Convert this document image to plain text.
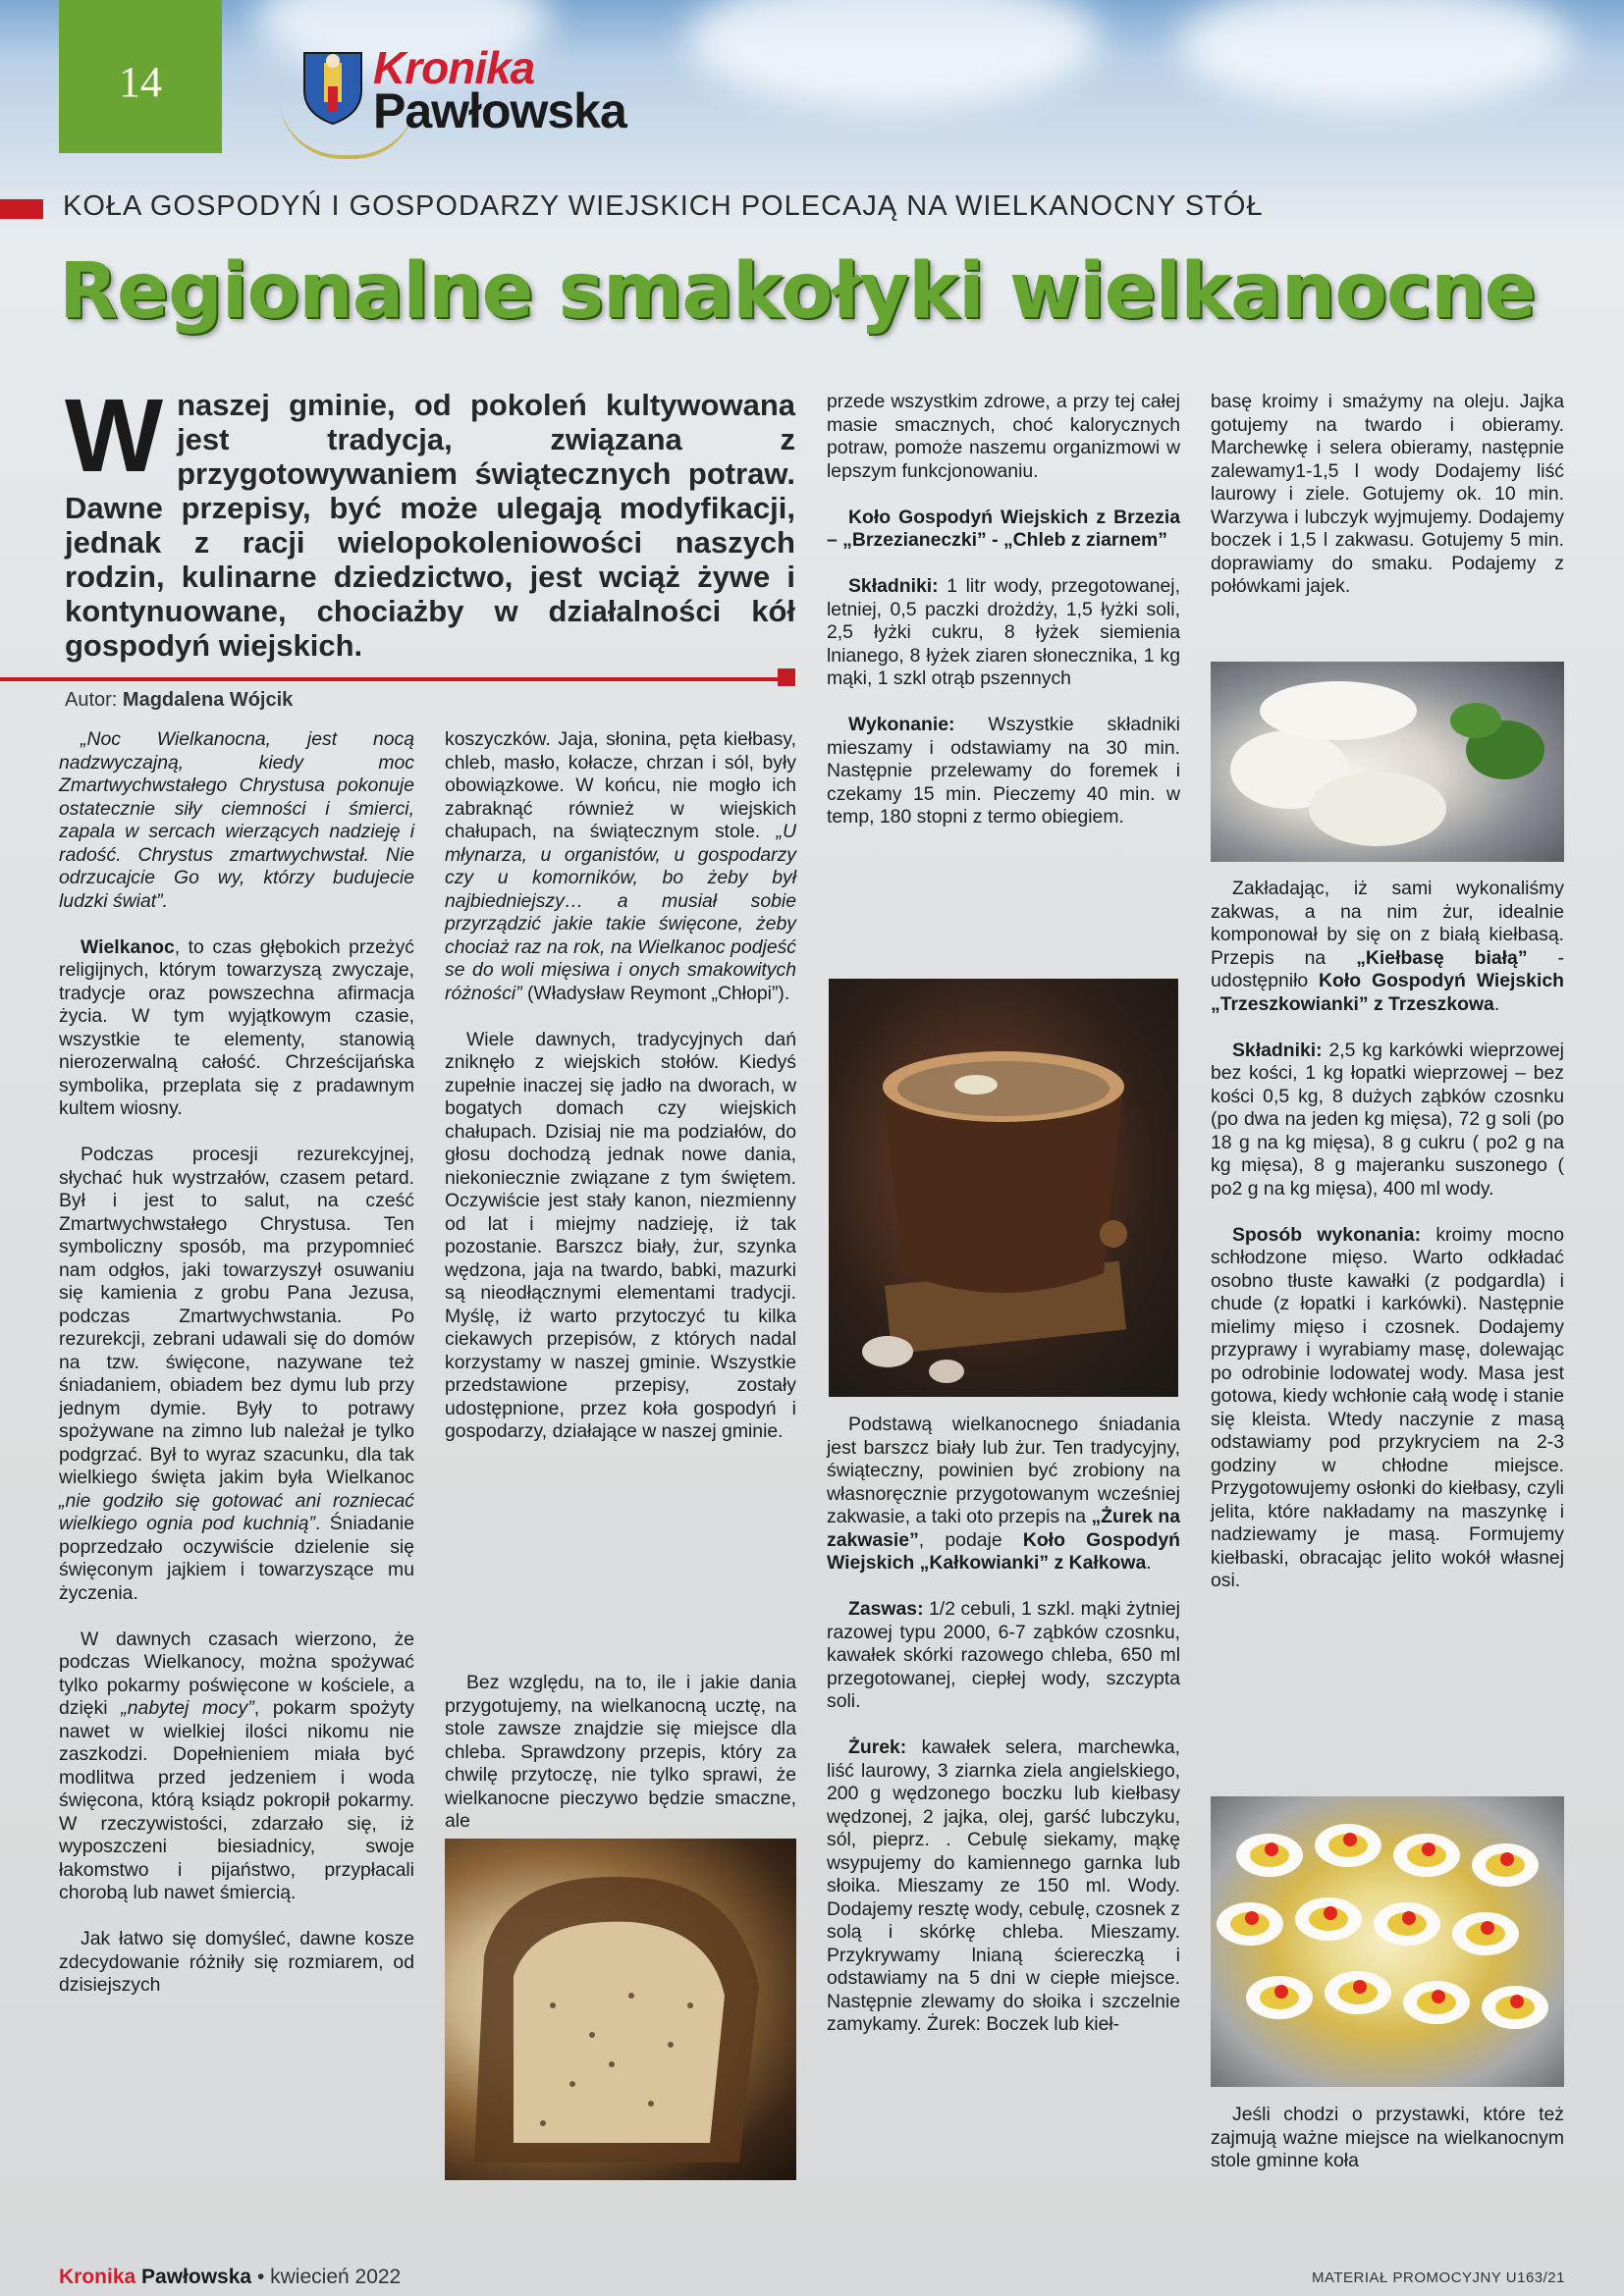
14	Kronika
Pawłowska
KOŁA GOSPODYŃ I GOSPODARZY WIEJSKICH POLECAJĄ NA WIELKANOCNY STÓŁ
Regionalne smakołyki wielkanocne
Wnaszej gminie, od pokoleń kultywowana jest tradycja, związana z przygotowywaniem świątecznych potraw. Dawne przepisy, być może ulegają modyfikacji, jednak z racji wielopokoleniowości naszych rodzin, kulinarne dziedzictwo, jest wciąż żywe i kontynuowane, chociażby w działalności kół gospodyń wiejskich.
Autor: Magdalena Wójcik

„Noc Wielkanocna, jest nocą nadzwyczajną, kiedy moc Zmartwychwstałego Chrystusa pokonuje ostatecznie siły ciemności i śmierci, zapala w sercach wierzących nadzieję i radość. Chrystus zmartwychwstał. Nie odrzucajcie Go wy, którzy budujecie ludzki świat”.

Wielkanoc, to czas głębokich przeżyć religijnych, którym towarzyszą zwyczaje, tradycje oraz powszechna afirmacja życia. W tym wyjątkowym czasie, wszystkie te elementy, stanowią nierozerwalną całość. Chrześcijańska symbolika, przeplata się z pradawnym kultem wiosny.

Podczas procesji rezurekcyjnej, słychać huk wystrzałów, czasem petard. Był i jest to salut, na cześć Zmartwychwstałego Chrystusa. Ten symboliczny sposób, ma przypomnieć nam odgłos, jaki towarzyszył osuwaniu się kamienia z grobu Pana Jezusa, podczas Zmartwychwstania. Po rezurekcji, zebrani udawali się do domów na tzw. święcone, nazywane też śniadaniem, obiadem bez dymu lub przy jednym dymie. Były to potrawy spożywane na zimno lub należał je tylko podgrzać. Był to wyraz szacunku, dla tak wielkiego święta jakim była Wielkanoc „nie godziło się gotować ani rozniecać wielkiego ognia pod kuchnią”. Śniadanie poprzedzało oczywiście dzielenie się święconym jajkiem i towarzyszące mu życzenia.

W dawnych czasach wierzono, że podczas Wielkanocy, można spożywać tylko pokarmy poświęcone w kościele, a dzięki „nabytej mocy”, pokarm spożyty nawet w wielkiej ilości nikomu nie zaszkodzi. Dopełnieniem miała być modlitwa przed jedzeniem i woda święcona, którą ksiądz pokropił pokarmy. W rzeczywistości, zdarzało się, iż wyposzczeni biesiadnicy, swoje łakomstwo i pijaństwo, przypłacali chorobą lub nawet śmiercią.

Jak łatwo się domyśleć, dawne kosze zdecydowanie różniły się rozmiarem, od dzisiejszych

koszyczków. Jaja, słonina, pęta kiełbasy, chleb, masło, kołacze, chrzan i sól, były obowiązkowe. W końcu, nie mogło ich zabraknąć również w wiejskich chałupach, na świątecznym stole. „U młynarza, u organistów, u gospodarzy czy u komorników, bo żeby był najbiedniejszy… a musiał sobie przyrządzić jakie takie święcone, żeby chociaż raz na rok, na Wielkanoc podjeść se do woli mięsiwa i onych smakowitych różności” (Władysław Reymont „Chłopi”).

Wiele dawnych, tradycyjnych dań zniknęło z wiejskich stołów. Kiedyś zupełnie inaczej się jadło na dworach, w bogatych domach czy wiejskich chałupach. Dzisiaj nie ma podziałów, do głosu dochodzą jednak nowe dania, niekoniecznie związane z tym świętem. Oczywiście jest stały kanon, niezmienny od lat i miejmy nadzieję, iż tak pozostanie. Barszcz biały, żur, szynka wędzona, jaja na twardo, babki, mazurki są nieodłącznymi elementami tradycji. Myślę, iż warto przytoczyć tu kilka ciekawych przepisów, z których nadal korzystamy w naszej gminie. Wszystkie przedstawione przepisy, zostały udostępnione, przez koła gospodyń i gospodarzy, działające w naszej gminie.

Bez względu, na to, ile i jakie dania przygotujemy, na wielkanocną ucztę, na stole zawsze znajdzie się miejsce dla chleba. Sprawdzony przepis, który za chwilę przytoczę, nie tylko sprawi, że wielkanocne pieczywo będzie smaczne, ale

przede wszystkim zdrowe, a przy tej całej masie smacznych, choć kalorycznych potraw, pomoże naszemu organizmowi w lepszym funkcjonowaniu.

Koło Gospodyń Wiejskich z Brzezia – „Brzezianeczki” - „Chleb z ziarnem”

Składniki: 1 litr wody, przegotowanej, letniej, 0,5 paczki drożdży, 1,5 łyżki soli, 2,5 łyżki cukru, 8 łyżek siemienia lnianego, 8 łyżek ziaren słonecznika, 1 kg mąki, 1 szkl otrąb pszennych

Wykonanie: Wszystkie składniki mieszamy i odstawiamy na 30 min. Następnie przelewamy do foremek i czekamy 15 min. Pieczemy 40 min. w temp, 180 stopni z termo obiegiem.

Podstawą wielkanocnego śniadania jest barszcz biały lub żur. Ten tradycyjny, świąteczny, powinien być zrobiony na własnoręcznie przygotowanym wcześniej zakwasie, a taki oto przepis na „Żurek na zakwasie”, podaje Koło Gospodyń Wiejskich „Kałkowianki” z Kałkowa.

Zaswas: 1/2 cebuli, 1 szkl. mąki żytniej razowej typu 2000, 6-7 ząbków czosnku, kawałek skórki razowego chleba, 650 ml przegotowanej, ciepłej wody, szczypta soli.

Żurek: kawałek selera, marchewka, liść laurowy, 3 ziarnka ziela angielskiego, 200 g wędzonego boczku lub kiełbasy wędzonej, 2 jajka, olej, garść lubczyku, sól, pieprz. . Cebulę siekamy, mąkę wsypujemy do kamiennego garnka lub słoika. Mieszamy ze 150 ml. Wody. Dodajemy resztę wody, cebulę, czosnek z solą i skórkę chleba. Mieszamy. Przykrywamy lnianą ściereczką i odstawiamy na 5 dni w ciepłe miejsce. Następnie zlewamy do słoika i szczelnie zamykamy. Żurek: Boczek lub kieł-

basę kroimy i smażymy na oleju. Jajka gotujemy na twardo i obieramy. Marchewkę i selera obieramy, następnie zalewamy1-1,5 l wody Dodajemy liść laurowy i ziele. Gotujemy ok. 10 min. Warzywa i lubczyk wyjmujemy. Dodajemy boczek i 1,5 l zakwasu. Gotujemy 5 min. doprawiamy do smaku. Podajemy z połówkami jajek.

Zakładając, iż sami wykonaliśmy zakwas, a na nim żur, idealnie komponował by się on z białą kiełbasą. Przepis na „Kiełbasę białą” - udostępniło Koło Gospodyń Wiejskich „Trzeszkowianki” z Trzeszkowa.

Składniki: 2,5 kg karkówki wieprzowej bez kości, 1 kg łopatki wieprzowej – bez kości 0,5 kg, 8 dużych ząbków czosnku (po dwa na jeden kg mięsa), 72 g soli (po 18 g na kg mięsa), 8 g cukru ( po2 g na kg mięsa), 8 g majeranku suszonego ( po2 g na kg mięsa), 400 ml wody.

Sposób wykonania: kroimy mocno schłodzone mięso. Warto odkładać osobno tłuste kawałki (z podgardla) i chude (z łopatki i karkówki). Następnie mielimy mięso i czosnek. Dodajemy przyprawy i wyrabiamy masę, dolewając po odrobinie lodowatej wody. Masa jest gotowa, kiedy wchłonie całą wodę i stanie się kleista. Wtedy naczynie z masą odstawiamy pod przykryciem na 2-3 godziny w chłodne miejsce. Przygotowujemy osłonki do kiełbasy, czyli jelita, które nakładamy na maszynkę i nadziewamy je masą. Formujemy kiełbaski, obracając jelito wokół własnej osi.

Jeśli chodzi o przystawki, które też zajmują ważne miejsce na wielkanocnym stole gminne koła

Kronika Pawłowska • kwiecień 2022	MATERIAŁ PROMOCYJNY U163/21
